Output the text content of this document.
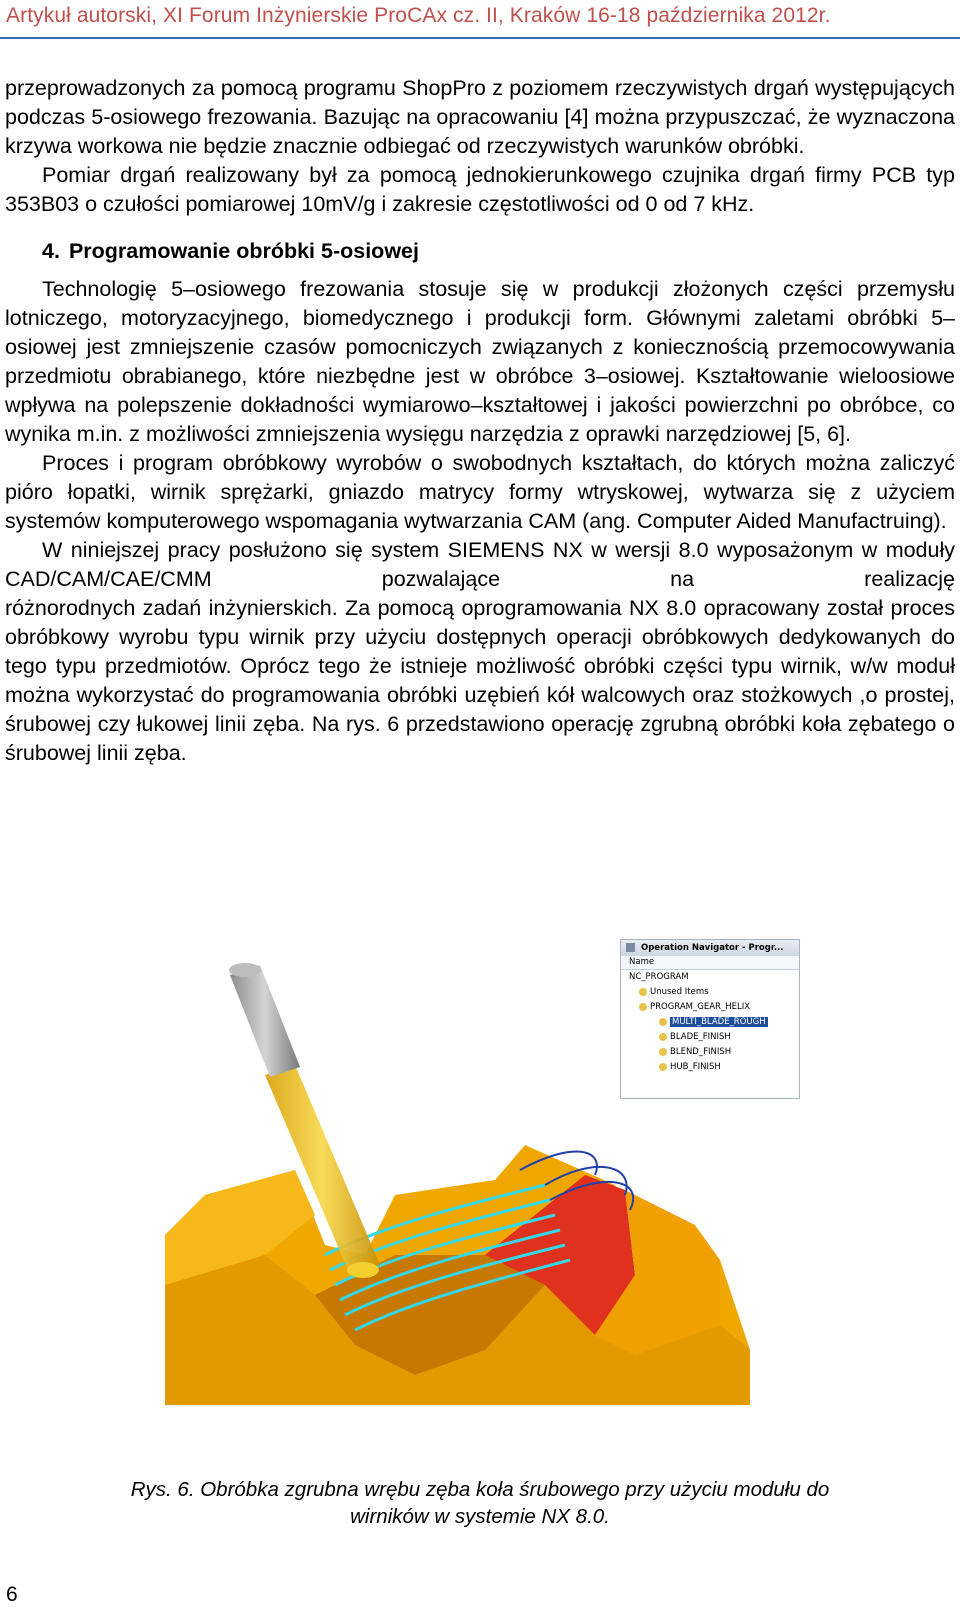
Artykuł autorski, XI Forum Inżynierskie ProCAx cz. II, Kraków 16-18 października 2012r.

przeprowadzonych za pomocą programu ShopPro z poziomem rzeczywistych drgań występujących podczas 5-osiowego frezowania. Bazując na opracowaniu [4] można przypuszczać, że wyznaczona krzywa workowa nie będzie znacznie odbiegać od rzeczywistych warunków obróbki.

Pomiar drgań realizowany był za pomocą jednokierunkowego czujnika drgań firmy PCB typ 353B03 o czułości pomiarowej 10mV/g i zakresie częstotliwości od 0 od 7 kHz.

4. Programowanie obróbki 5-osiowej

Technologię 5–osiowego frezowania stosuje się w produkcji złożonych części przemysłu lotniczego, motoryzacyjnego, biomedycznego i produkcji form. Głównymi zaletami obróbki 5–osiowej jest zmniejszenie czasów pomocniczych związanych z koniecznością przemocowywania przedmiotu obrabianego, które niezbędne jest w obróbce 3–osiowej. Kształtowanie wieloosiowe wpływa na polepszenie dokładności wymiarowo–kształtowej i jakości powierzchni po obróbce, co wynika m.in. z możliwości zmniejszenia wysięgu narzędzia z oprawki narzędziowej [5, 6].

Proces i program obróbkowy wyrobów o swobodnych kształtach, do których można zaliczyć pióro łopatki, wirnik sprężarki, gniazdo matrycy formy wtryskowej, wytwarza się z użyciem systemów komputerowego wspomagania wytwarzania CAM (ang. Computer Aided Manufactruing).

W niniejszej pracy posłużono się system SIEMENS NX w wersji 8.0 wyposażonym w moduły CAD/CAM/CAE/CMM pozwalające na realizację

różnorodnych zadań inżynierskich. Za pomocą oprogramowania NX 8.0 opracowany został proces obróbkowy wyrobu typu wirnik przy użyciu dostępnych operacji obróbkowych dedykowanych do tego typu przedmiotów. Oprócz tego że istnieje możliwość obróbki części typu wirnik, w/w moduł można wykorzystać do programowania obróbki uzębień kół walcowych oraz stożkowych ,o prostej, śrubowej czy łukowej linii zęba. Na rys. 6 przedstawiono operację zgrubną obróbki koła zębatego o śrubowej linii zęba.

Operation Navigator - Progr...
Name
NC_PROGRAM
Unused Items
PROGRAM_GEAR_HELIX
MULTI_BLADE_ROUGH
BLADE_FINISH
BLEND_FINISH
HUB_FINISH
Rys. 6. Obróbka zgrubna wrębu zęba koła śrubowego przy użyciu modułu do
wirników w systemie NX 8.0.
6
